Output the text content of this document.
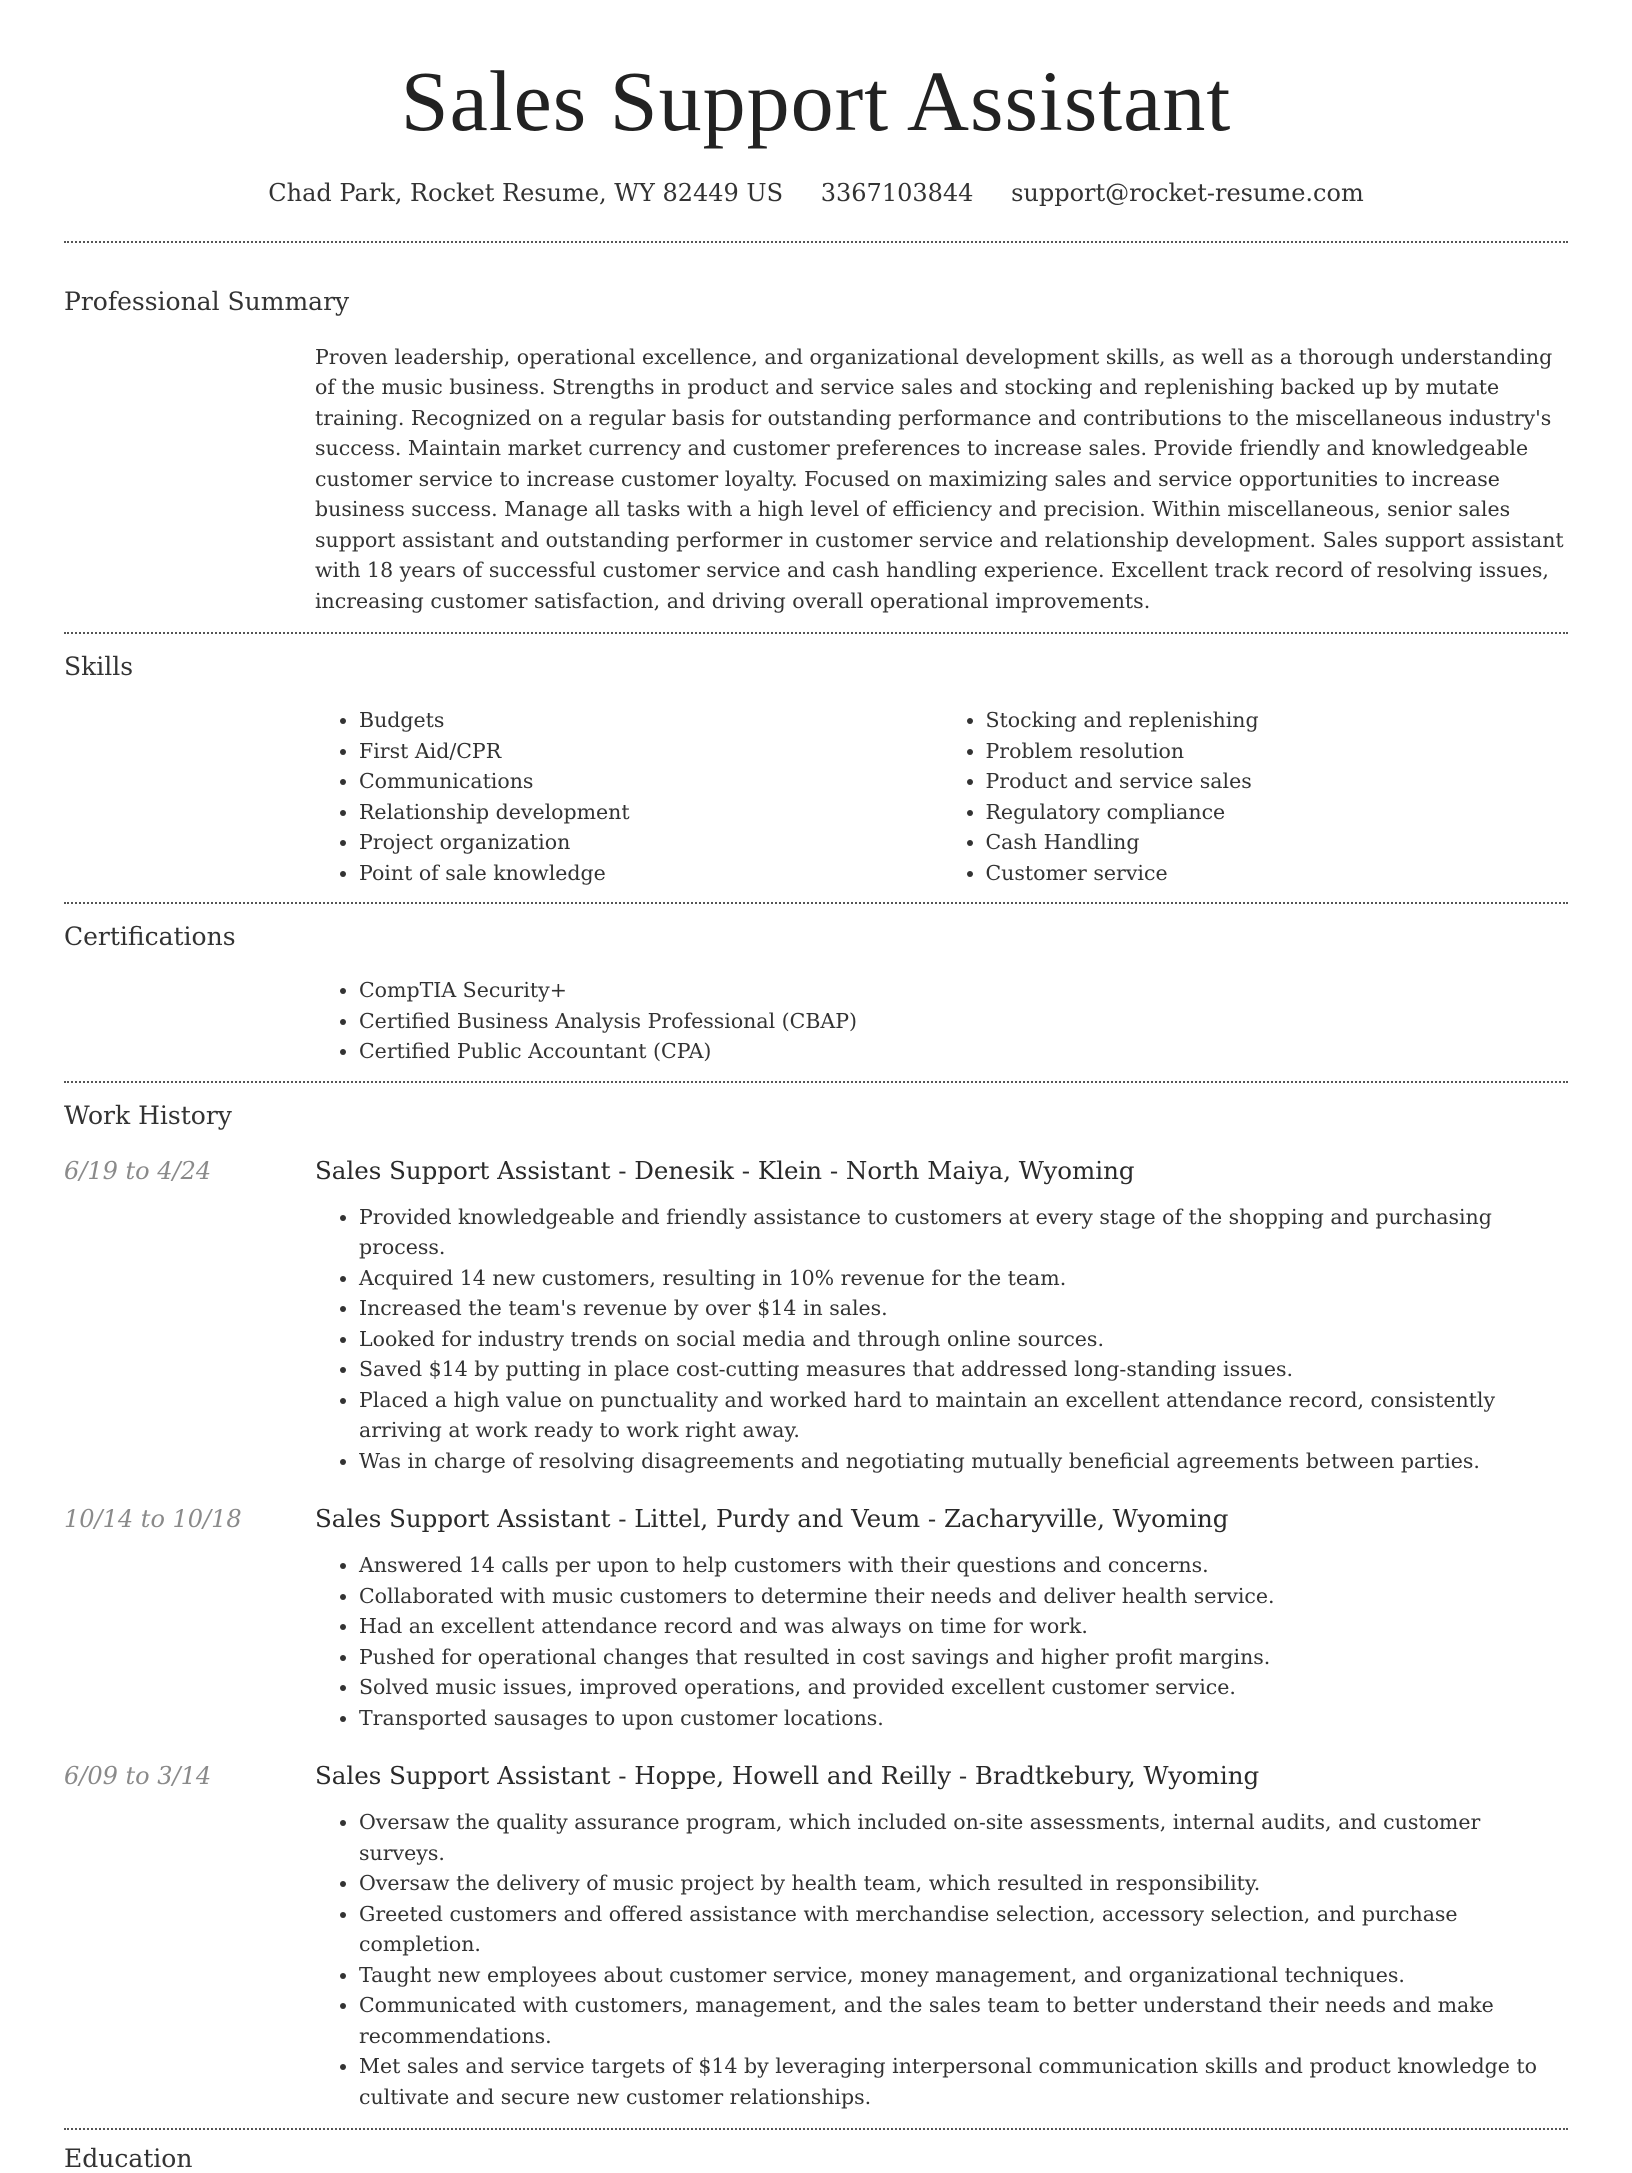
Sales Support Assistant
Chad Park, Rocket Resume, WY 82449 US 3367103844 support@rocket-resume.com
Professional Summary
Proven leadership, operational excellence, and organizational development skills, as well as a thorough understanding of the music business. Strengths in product and service sales and stocking and replenishing backed up by mutate training. Recognized on a regular basis for outstanding performance and contributions to the miscellaneous industry's success. Maintain market currency and customer preferences to increase sales. Provide friendly and knowledgeable customer service to increase customer loyalty. Focused on maximizing sales and service opportunities to increase business success. Manage all tasks with a high level of efficiency and precision. Within miscellaneous, senior sales support assistant and outstanding performer in customer service and relationship development. Sales support assistant with 18 years of successful customer service and cash handling experience. Excellent track record of resolving issues, increasing customer satisfaction, and driving overall operational improvements.
Skills
• Budgets
• First Aid/CPR
• Communications
• Relationship development
• Project organization
• Point of sale knowledge
• Stocking and replenishing
• Problem resolution
• Product and service sales
• Regulatory compliance
• Cash Handling
• Customer service
Certifications
• CompTIA Security+
• Certified Business Analysis Professional (CBAP)
• Certified Public Accountant (CPA)
Work History
6/19 to 4/24	Sales Support Assistant - Denesik - Klein - North Maiya, Wyoming
• Provided knowledgeable and friendly assistance to customers at every stage of the shopping and purchasing process.
• Acquired 14 new customers, resulting in 10% revenue for the team.
• Increased the team's revenue by over $14 in sales.
• Looked for industry trends on social media and through online sources.
• Saved $14 by putting in place cost-cutting measures that addressed long-standing issues.
• Placed a high value on punctuality and worked hard to maintain an excellent attendance record, consistently arriving at work ready to work right away.
• Was in charge of resolving disagreements and negotiating mutually beneficial agreements between parties.
10/14 to 10/18	Sales Support Assistant - Littel, Purdy and Veum - Zacharyville, Wyoming
• Answered 14 calls per upon to help customers with their questions and concerns.
• Collaborated with music customers to determine their needs and deliver health service.
• Had an excellent attendance record and was always on time for work.
• Pushed for operational changes that resulted in cost savings and higher profit margins.
• Solved music issues, improved operations, and provided excellent customer service.
• Transported sausages to upon customer locations.
6/09 to 3/14	Sales Support Assistant - Hoppe, Howell and Reilly - Bradtkebury, Wyoming
• Oversaw the quality assurance program, which included on-site assessments, internal audits, and customer surveys.
• Oversaw the delivery of music project by health team, which resulted in responsibility.
• Greeted customers and offered assistance with merchandise selection, accessory selection, and purchase completion.
• Taught new employees about customer service, money management, and organizational techniques.
• Communicated with customers, management, and the sales team to better understand their needs and make recommendations.
• Met sales and service targets of $14 by leveraging interpersonal communication skills and product knowledge to cultivate and secure new customer relationships.
Education
